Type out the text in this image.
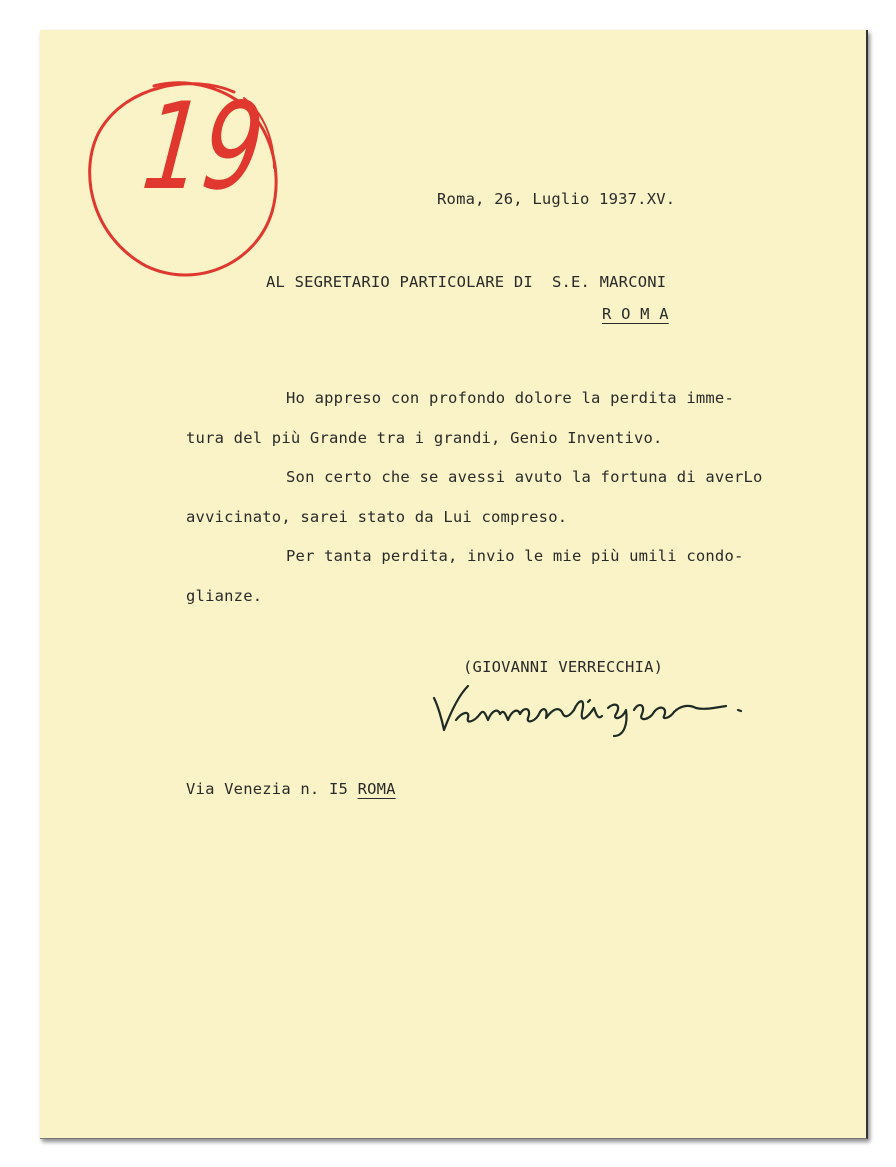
19	Roma, 26, Luglio 1937.XV.
AL SEGRETARIO PARTICOLARE DI  S.E. MARCONI
R O M A
Ho appreso con profondo dolore la perdita imme-
tura del più Grande tra i grandi, Genio Inventivo.
Son certo che se avessi avuto la fortuna di averLo
avvicinato, sarei stato da Lui compreso.
Per tanta perdita, invio le mie più umili condo-
glianze.
(GIOVANNI VERRECCHIA)
Via Venezia n. I5 ROMA
